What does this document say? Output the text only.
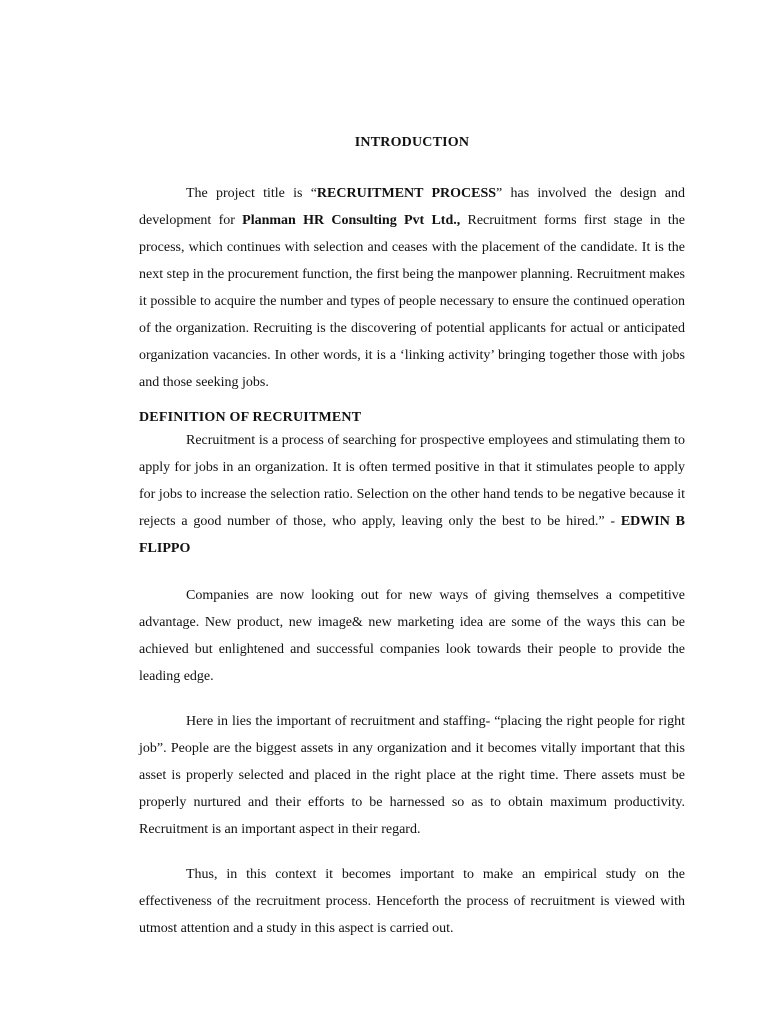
INTRODUCTION

The project title is “RECRUITMENT PROCESS” has involved the design and development for Planman HR Consulting Pvt Ltd., Recruitment forms first stage in the process, which continues with selection and ceases with the placement of the candidate. It is the next step in the procurement function, the first being the manpower planning. Recruitment makes it possible to acquire the number and types of people necessary to ensure the continued operation of the organization. Recruiting is the discovering of potential applicants for actual or anticipated organization vacancies. In other words, it is a ‘linking activity’ bringing together those with jobs and those seeking jobs.

DEFINITION OF RECRUITMENT

Recruitment is a process of searching for prospective employees and stimulating them to apply for jobs in an organization. It is often termed positive in that it stimulates people to apply for jobs to increase the selection ratio. Selection on the other hand tends to be negative because it rejects a good number of those, who apply, leaving only the best to be hired.” - EDWIN B FLIPPO

Companies are now looking out for new ways of giving themselves a competitive advantage. New product, new image& new marketing idea are some of the ways this can be achieved but enlightened and successful companies look towards their people to provide the leading edge.

Here in lies the important of recruitment and staffing- “placing the right people for right job”. People are the biggest assets in any organization and it becomes vitally important that this asset is properly selected and placed in the right place at the right time. There assets must be properly nurtured and their efforts to be harnessed so as to obtain maximum productivity. Recruitment is an important aspect in their regard.

Thus, in this context it becomes important to make an empirical study on the effectiveness of the recruitment process. Henceforth the process of recruitment is viewed with utmost attention and a study in this aspect is carried out.
